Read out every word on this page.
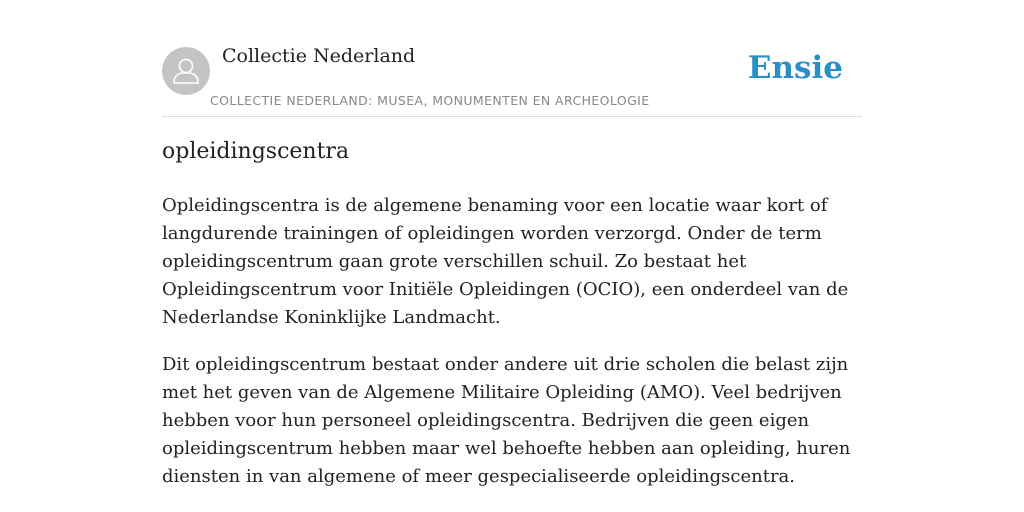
Collectie Nederland
COLLECTIE NEDERLAND: MUSEA, MONUMENTEN EN ARCHEOLOGIE
Ensie
opleidingscentra

Opleidingscentra is de algemene benaming voor een locatie waar kort of langdurende trainingen of opleidingen worden verzorgd. Onder de term opleidingscentrum gaan grote verschillen schuil. Zo bestaat het Opleidingscentrum voor Initiële Opleidingen (OCIO), een onderdeel van de Nederlandse Koninklijke Landmacht.

Dit opleidingscentrum bestaat onder andere uit drie scholen die belast zijn met het geven van de Algemene Militaire Opleiding (AMO). Veel bedrijven hebben voor hun personeel opleidingscentra. Bedrijven die geen eigen opleidingscentrum hebben maar wel behoefte hebben aan opleiding, huren diensten in van algemene of meer gespecialiseerde opleidingscentra.
